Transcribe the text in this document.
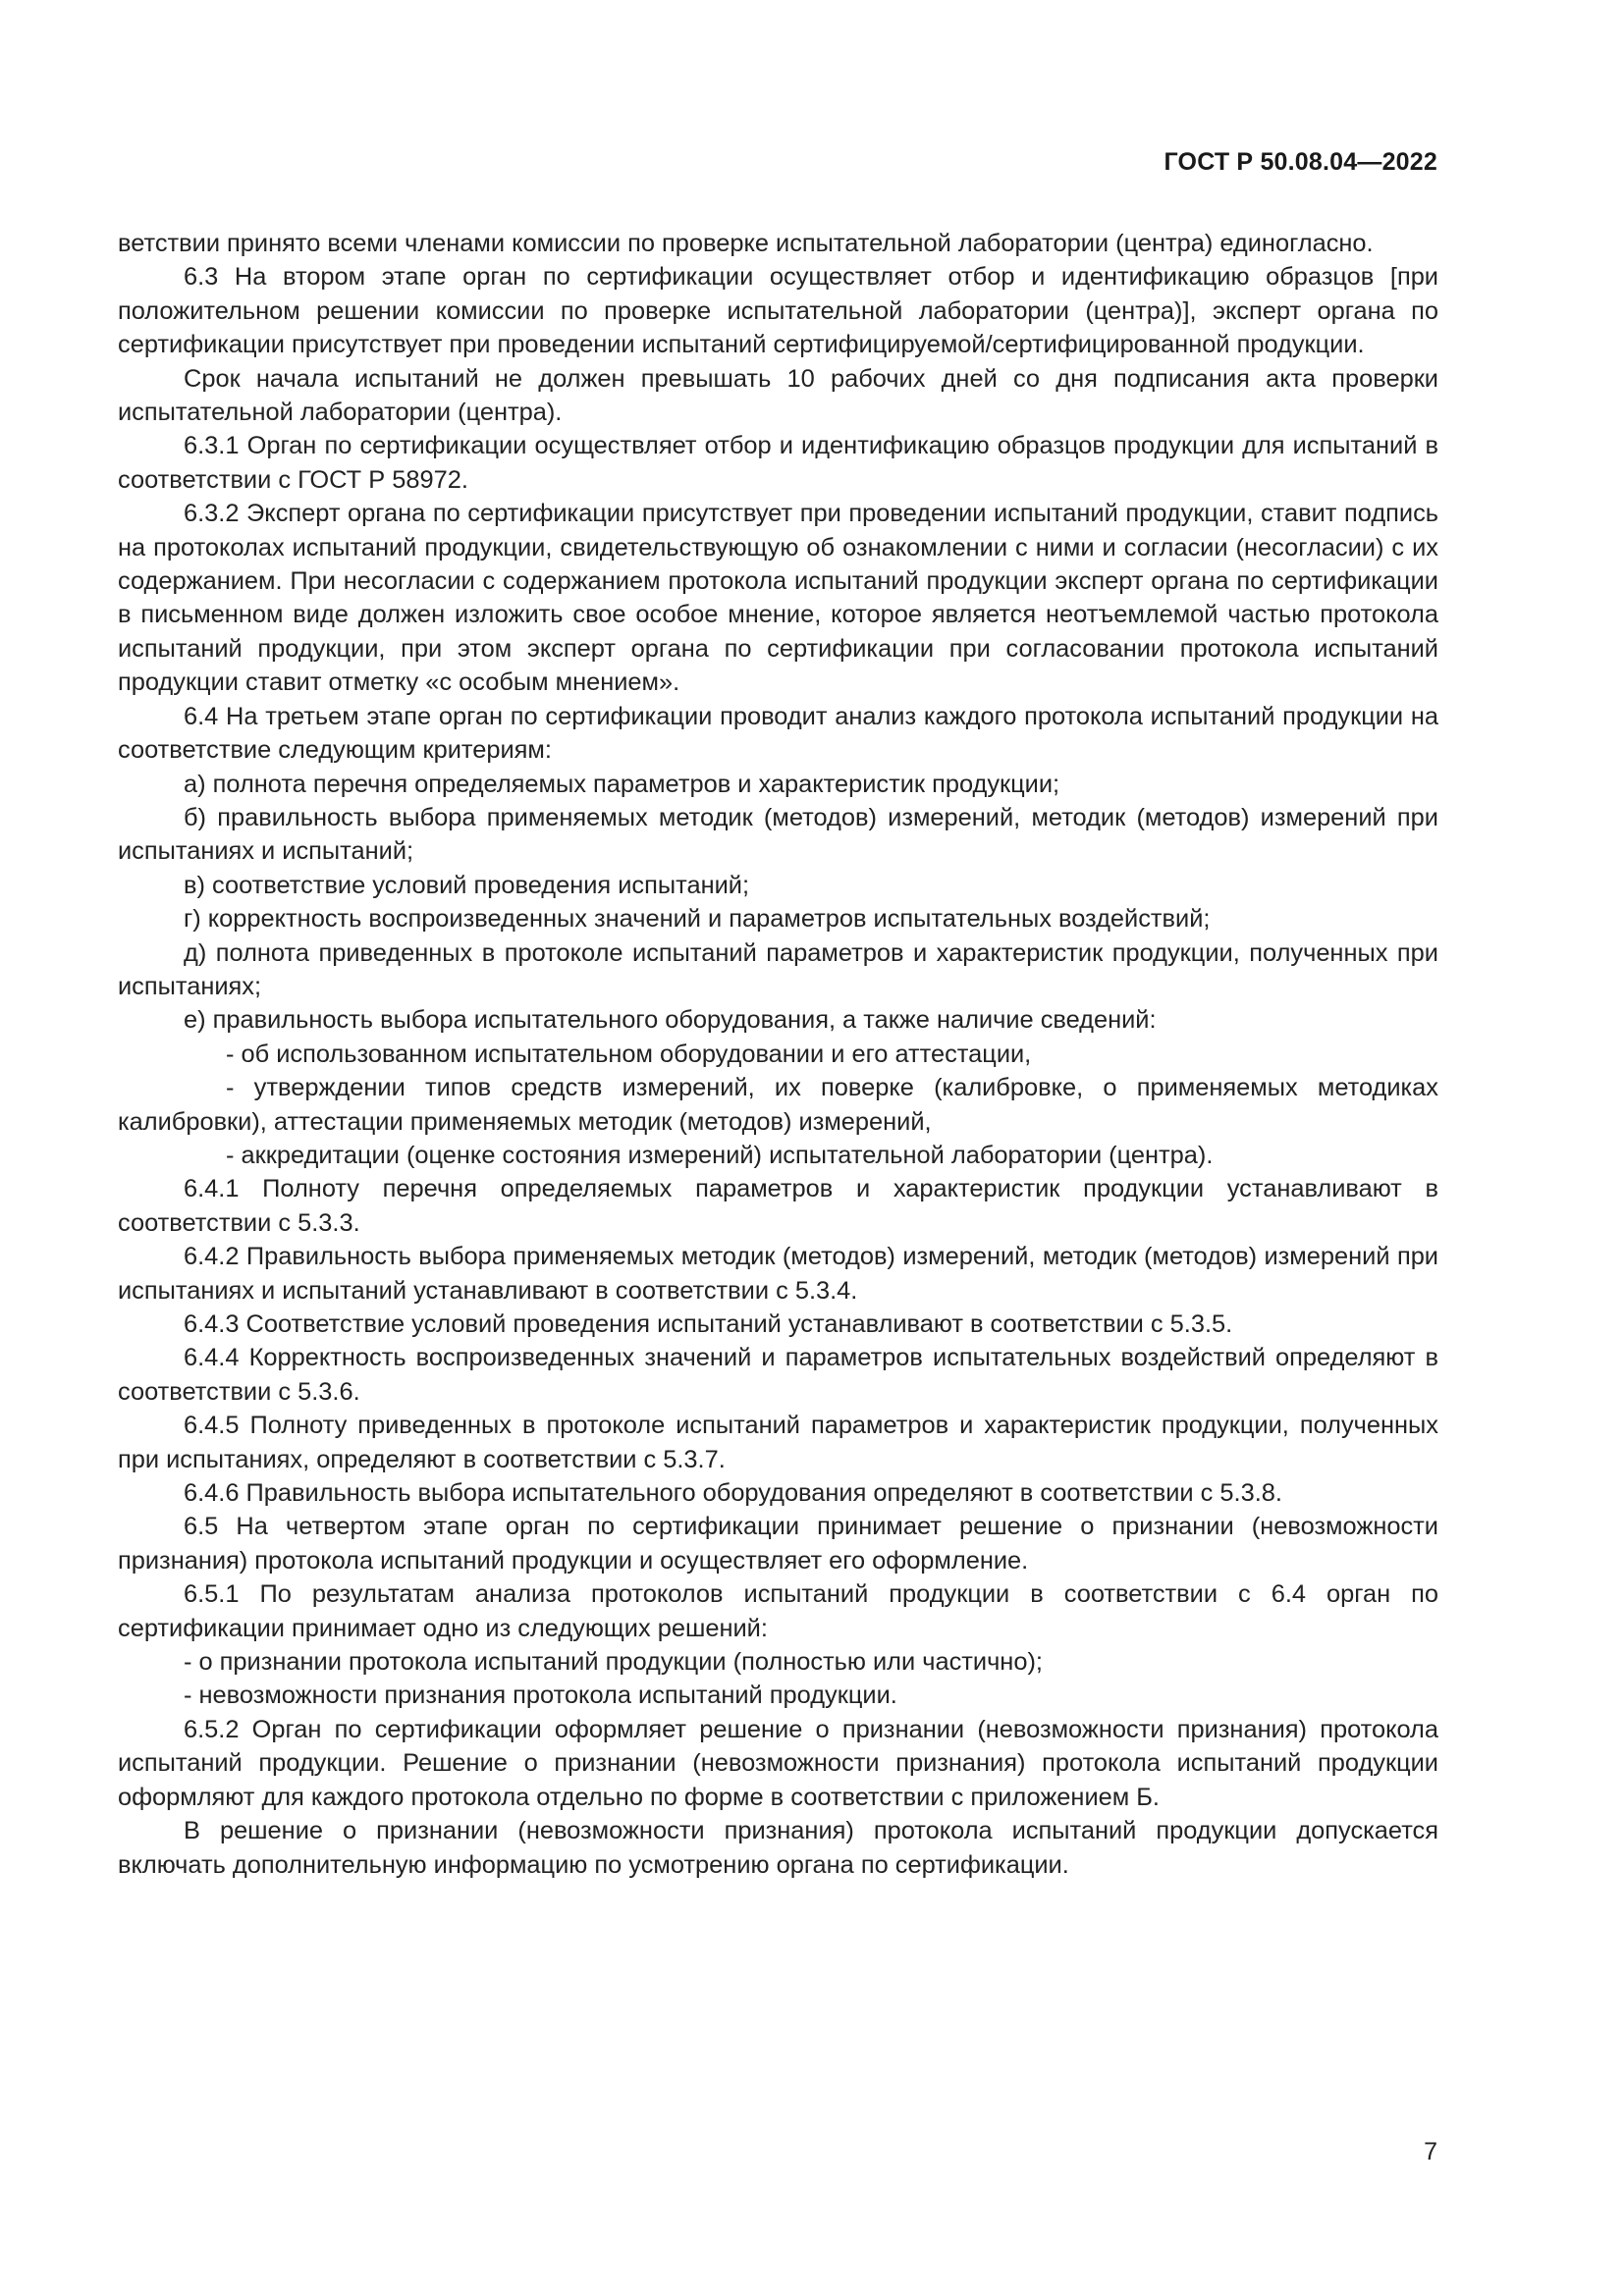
ГОСТ Р 50.08.04—2022

ветствии принято всеми членами комиссии по проверке испытательной лаборатории (центра) единогласно.

6.3 На втором этапе орган по сертификации осуществляет отбор и идентификацию образцов [при положительном решении комиссии по проверке испытательной лаборатории (центра)], эксперт органа по сертификации присутствует при проведении испытаний сертифицируемой/сертифицированной продукции.

Срок начала испытаний не должен превышать 10 рабочих дней со дня подписания акта проверки испытательной лаборатории (центра).

6.3.1 Орган по сертификации осуществляет отбор и идентификацию образцов продукции для испытаний в соответствии с ГОСТ Р 58972.

6.3.2 Эксперт органа по сертификации присутствует при проведении испытаний продукции, ставит подпись на протоколах испытаний продукции, свидетельствующую об ознакомлении с ними и согласии (несогласии) с их содержанием. При несогласии с содержанием протокола испытаний продукции эксперт органа по сертификации в письменном виде должен изложить свое особое мнение, которое является неотъемлемой частью протокола испытаний продукции, при этом эксперт органа по сертификации при согласовании протокола испытаний продукции ставит отметку «с особым мнением».

6.4 На третьем этапе орган по сертификации проводит анализ каждого протокола испытаний продукции на соответствие следующим критериям:

а) полнота перечня определяемых параметров и характеристик продукции;

б) правильность выбора применяемых методик (методов) измерений, методик (методов) измерений при испытаниях и испытаний;

в) соответствие условий проведения испытаний;

г) корректность воспроизведенных значений и параметров испытательных воздействий;

д) полнота приведенных в протоколе испытаний параметров и характеристик продукции, полученных при испытаниях;

е) правильность выбора испытательного оборудования, а также наличие сведений:

- об использованном испытательном оборудовании и его аттестации,

- утверждении типов средств измерений, их поверке (калибровке, о применяемых методиках калибровки), аттестации применяемых методик (методов) измерений,

- аккредитации (оценке состояния измерений) испытательной лаборатории (центра).

6.4.1 Полноту перечня определяемых параметров и характеристик продукции устанавливают в соответствии с 5.3.3.

6.4.2 Правильность выбора применяемых методик (методов) измерений, методик (методов) измерений при испытаниях и испытаний устанавливают в соответствии с 5.3.4.

6.4.3 Соответствие условий проведения испытаний устанавливают в соответствии с 5.3.5.

6.4.4 Корректность воспроизведенных значений и параметров испытательных воздействий определяют в соответствии с 5.3.6.

6.4.5 Полноту приведенных в протоколе испытаний параметров и характеристик продукции, полученных при испытаниях, определяют в соответствии с 5.3.7.

6.4.6 Правильность выбора испытательного оборудования определяют в соответствии с 5.3.8.

6.5 На четвертом этапе орган по сертификации принимает решение о признании (невозможности признания) протокола испытаний продукции и осуществляет его оформление.

6.5.1 По результатам анализа протоколов испытаний продукции в соответствии с 6.4 орган по сертификации принимает одно из следующих решений:

- о признании протокола испытаний продукции (полностью или частично);

- невозможности признания протокола испытаний продукции.

6.5.2 Орган по сертификации оформляет решение о признании (невозможности признания) протокола испытаний продукции. Решение о признании (невозможности признания) протокола испытаний продукции оформляют для каждого протокола отдельно по форме в соответствии с приложением Б.

В решение о признании (невозможности признания) протокола испытаний продукции допускается включать дополнительную информацию по усмотрению органа по сертификации.

7
